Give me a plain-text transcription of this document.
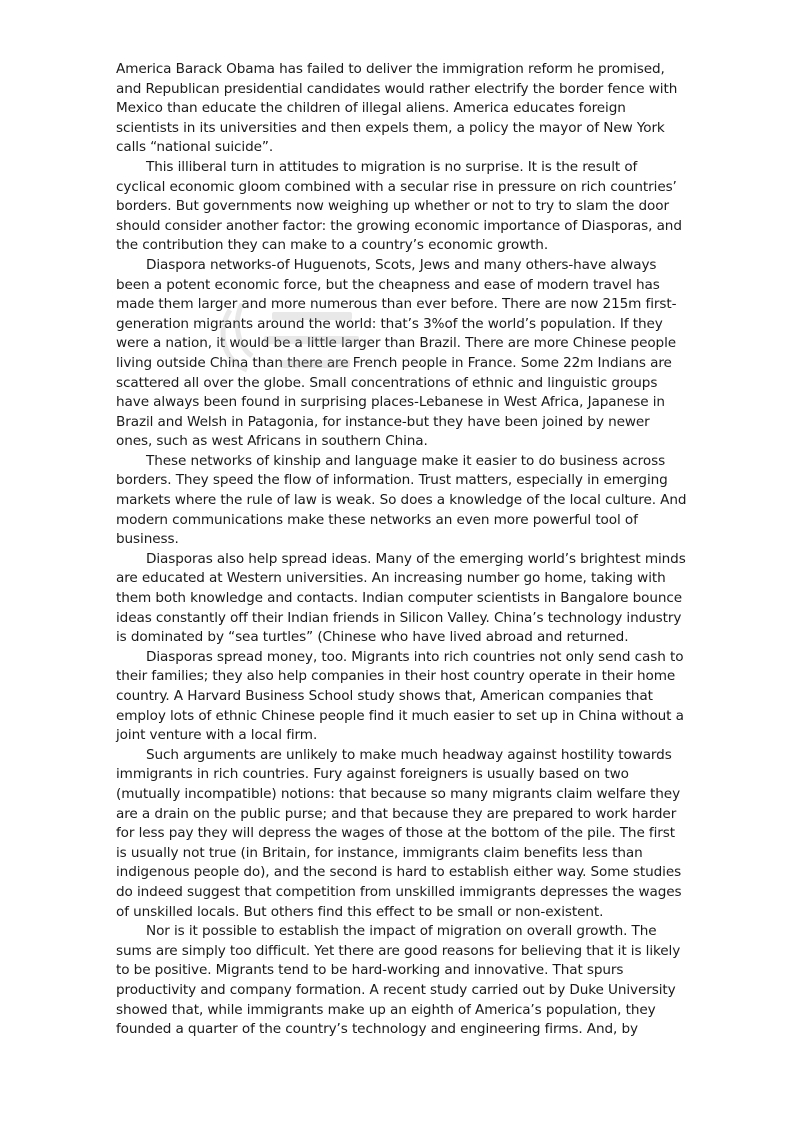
America Barack Obama has failed to deliver the immigration reform he promised, and Republican presidential candidates would rather electrify the border fence with Mexico than educate the children of illegal aliens. America educates foreign scientists in its universities and then expels them, a policy the mayor of New York calls “national suicide”.

This illiberal turn in attitudes to migration is no surprise. It is the result of cyclical economic gloom combined with a secular rise in pressure on rich countries’ borders. But governments now weighing up whether or not to try to slam the door should consider another factor: the growing economic importance of Diasporas, and the contribution they can make to a country’s economic growth.

Diaspora networks-of Huguenots, Scots, Jews and many others-have always been a potent economic force, but the cheapness and ease of modern travel has made them larger and more numerous than ever before. There are now 215m first-generation migrants around the world: that’s 3%of the world’s population. If they were a nation, it would be a little larger than Brazil. There are more Chinese people living outside China than there are French people in France. Some 22m Indians are scattered all over the globe. Small concentrations of ethnic and linguistic groups have always been found in surprising places-Lebanese in West Africa, Japanese in Brazil and Welsh in Patagonia, for instance-but they have been joined by newer ones, such as west Africans in southern China.

These networks of kinship and language make it easier to do business across borders. They speed the flow of information. Trust matters, especially in emerging markets where the rule of law is weak. So does a knowledge of the local culture. And modern communications make these networks an even more powerful tool of business.

Diasporas also help spread ideas. Many of the emerging world’s brightest minds are educated at Western universities. An increasing number go home, taking with them both knowledge and contacts. Indian computer scientists in Bangalore bounce ideas constantly off their Indian friends in Silicon Valley. China’s technology industry is dominated by “sea turtles” (Chinese who have lived abroad and returned.

Diasporas spread money, too. Migrants into rich countries not only send cash to their families; they also help companies in their host country operate in their home country. A Harvard Business School study shows that, American companies that employ lots of ethnic Chinese people find it much easier to set up in China without a joint venture with a local firm.

Such arguments are unlikely to make much headway against hostility towards immigrants in rich countries. Fury against foreigners is usually based on two (mutually incompatible) notions: that because so many migrants claim welfare they are a drain on the public purse; and that because they are prepared to work harder for less pay they will depress the wages of those at the bottom of the pile. The first is usually not true (in Britain, for instance, immigrants claim benefits less than indigenous people do), and the second is hard to establish either way. Some studies do indeed suggest that competition from unskilled immigrants depresses the wages of unskilled locals. But others find this effect to be small or non-existent.

Nor is it possible to establish the impact of migration on overall growth. The sums are simply too difficult. Yet there are good reasons for believing that it is likely to be positive. Migrants tend to be hard-working and innovative. That spurs productivity and company formation. A recent study carried out by Duke University showed that, while immigrants make up an eighth of America’s population, they founded a quarter of the country’s technology and engineering firms. And, by
